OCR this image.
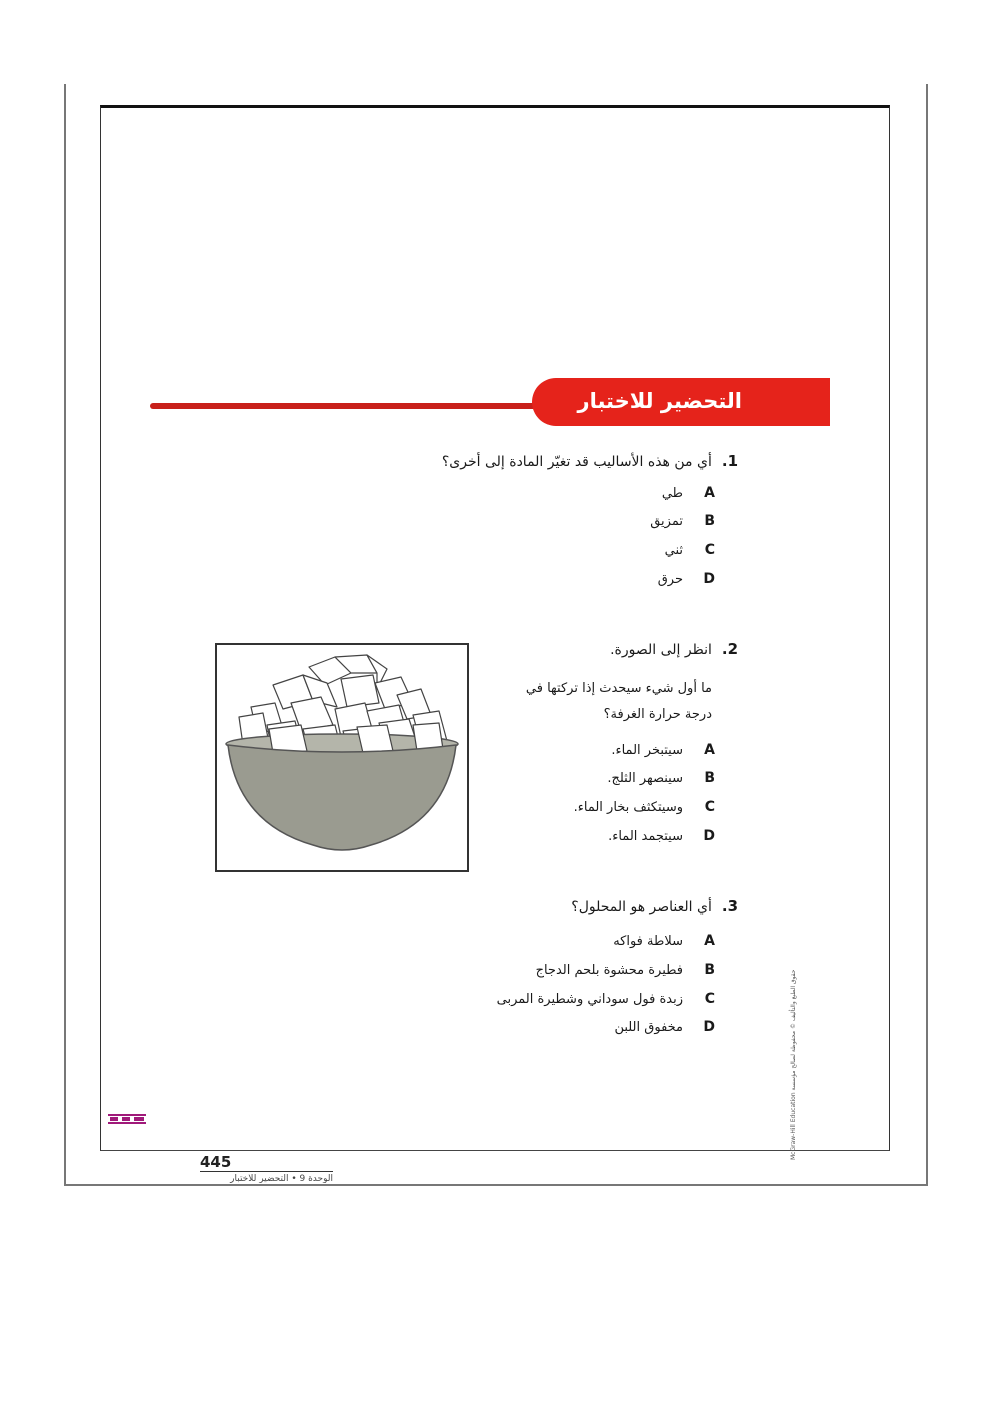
التحضير للاختبار
1.أي من هذه الأساليب قد تغيّر المادة إلى أخرى؟
Aطي
Bتمزيق
Cثني
Dحرق
2.انظر إلى الصورة.
ما أول شيء سيحدث إذا تركتها في
درجة حرارة الغرفة؟
Aسيتبخر الماء.
Bسينصهر الثلج.
Cوسيتكثف بخار الماء.
Dسيتجمد الماء.
3.أي العناصر هو المحلول؟
Aسلاطة فواكه
Bفطيرة محشوة بلحم الدجاج
Cزبدة فول سوداني وشطيرة المربى
Dمخفوق اللبن
McGraw-Hill Education حقوق الطبع والتأليف © محفوظة لصالح مؤسسة
445
الوحدة 9 • التحضير للاختبار
